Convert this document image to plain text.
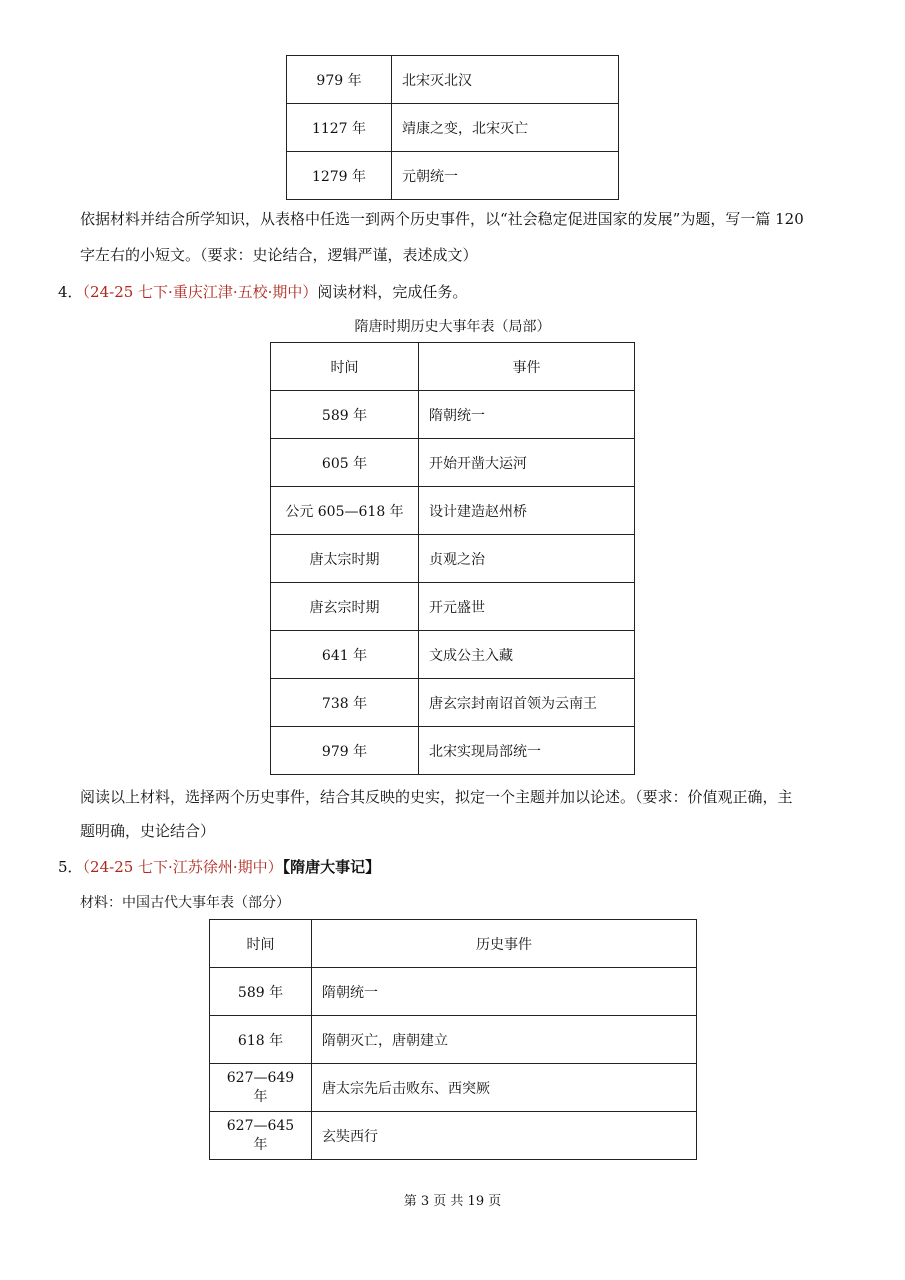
979 年	北宋灭北汉
1127 年	靖康之变，北宋灭亡
1279 年	元朝统一
依据材料并结合所学知识，从表格中任选一到两个历史事件，以“社会稳定促进国家的发展”为题，写一篇 120
字左右的小短文。（要求：史论结合，逻辑严谨，表述成文）
4．（24-25 七下·重庆江津·五校·期中）阅读材料，完成任务。
隋唐时期历史大事年表（局部）
时间	事件
589 年	隋朝统一
605 年	开始开凿大运河
公元 605—618 年	设计建造赵州桥
唐太宗时期	贞观之治
唐玄宗时期	开元盛世
641 年	文成公主入藏
738 年	唐玄宗封南诏首领为云南王
979 年	北宋实现局部统一
阅读以上材料，选择两个历史事件，结合其反映的史实，拟定一个主题并加以论述。（要求：价值观正确，主
题明确，史论结合）
5．（24-25 七下·江苏徐州·期中）【隋唐大事记】
材料：中国古代大事年表（部分）
时间	历史事件
589 年	隋朝统一
618 年	隋朝灭亡，唐朝建立
627—649 年	唐太宗先后击败东、西突厥
627—645 年	玄奘西行
第 3 页 共 19 页
